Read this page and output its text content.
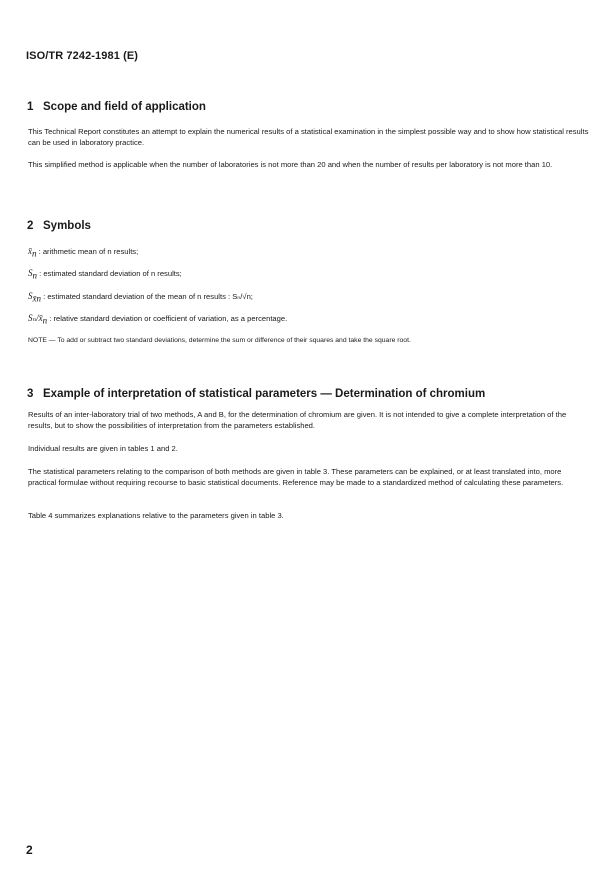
ISO/TR 7242-1981 (E)
1 Scope and field of application
This Technical Report constitutes an attempt to explain the numerical results of a statistical examination in the simplest possible way and to show how statistical results can be used in laboratory practice.
This simplified method is applicable when the number of laboratories is not more than 20 and when the number of results per laboratory is not more than 10.
2 Symbols
$x̄_n$ : arithmetic mean of n results;
$S_n$ : estimated standard deviation of n results;
$S_{x̄n}$ : estimated standard deviation of the mean of n results : Sₙ/√n;
$S_n/x̄_n$ : relative standard deviation or coefficient of variation, as a percentage.
NOTE — To add or subtract two standard deviations, determine the sum or difference of their squares and take the square root.
3 Example of interpretation of statistical parameters — Determination of chromium
Results of an inter-laboratory trial of two methods, A and B, for the determination of chromium are given. It is not intended to give a complete interpretation of the results, but to show the possibilities of interpretation from the parameters established.
Individual results are given in tables 1 and 2.
The statistical parameters relating to the comparison of both methods are given in table 3. These parameters can be explained, or at least translated into, more practical formulae without requiring recourse to basic statistical documents. Reference may be made to a standardized method of calculating these parameters.
Table 4 summarizes explanations relative to the parameters given in table 3.
2
